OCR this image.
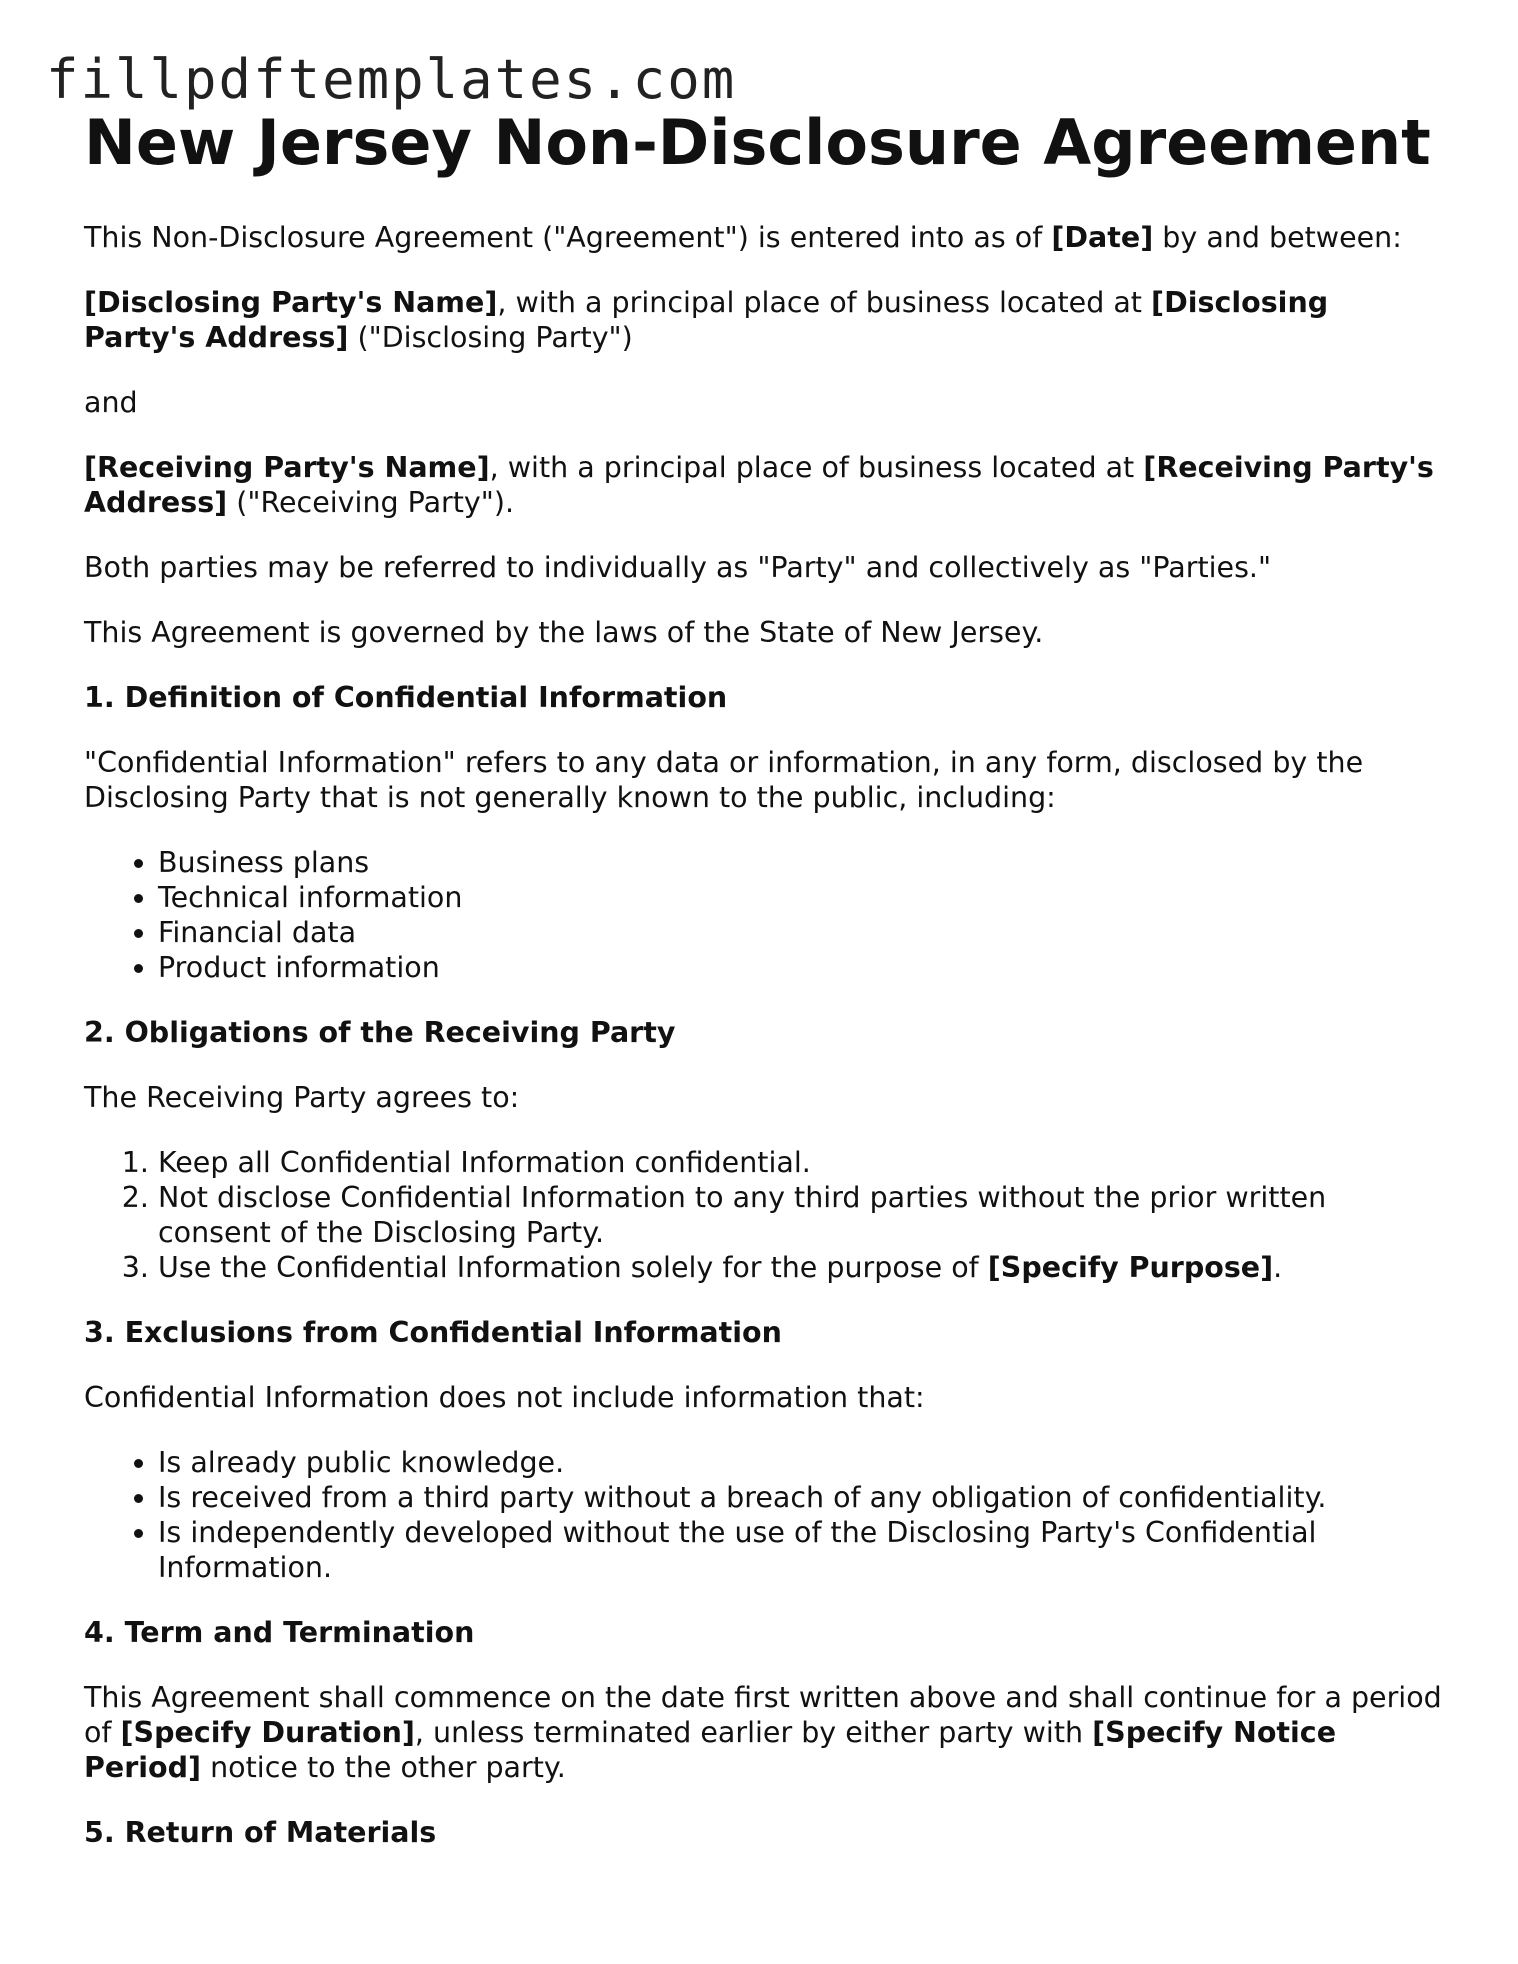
fillpdftemplates.com
New Jersey Non-Disclosure Agreement

This Non-Disclosure Agreement ("Agreement") is entered into as of [Date] by and between:

[Disclosing Party's Name], with a principal place of business located at [Disclosing Party's Address] ("Disclosing Party")

and

[Receiving Party's Name], with a principal place of business located at [Receiving Party's Address] ("Receiving Party").

Both parties may be referred to individually as "Party" and collectively as "Parties."

This Agreement is governed by the laws of the State of New Jersey.

1. Definition of Confidential Information

"Confidential Information" refers to any data or information, in any form, disclosed by the Disclosing Party that is not generally known to the public, including:

• Business plans
• Technical information
• Financial data
• Product information
2. Obligations of the Receiving Party

The Receiving Party agrees to:

1. Keep all Confidential Information confidential.
2. Not disclose Confidential Information to any third parties without the prior written consent of the Disclosing Party.
3. Use the Confidential Information solely for the purpose of [Specify Purpose].
3. Exclusions from Confidential Information

Confidential Information does not include information that:

• Is already public knowledge.
• Is received from a third party without a breach of any obligation of confidentiality.
• Is independently developed without the use of the Disclosing Party's Confidential Information.
4. Term and Termination

This Agreement shall commence on the date first written above and shall continue for a period of [Specify Duration], unless terminated earlier by either party with [Specify Notice Period] notice to the other party.

5. Return of Materials
